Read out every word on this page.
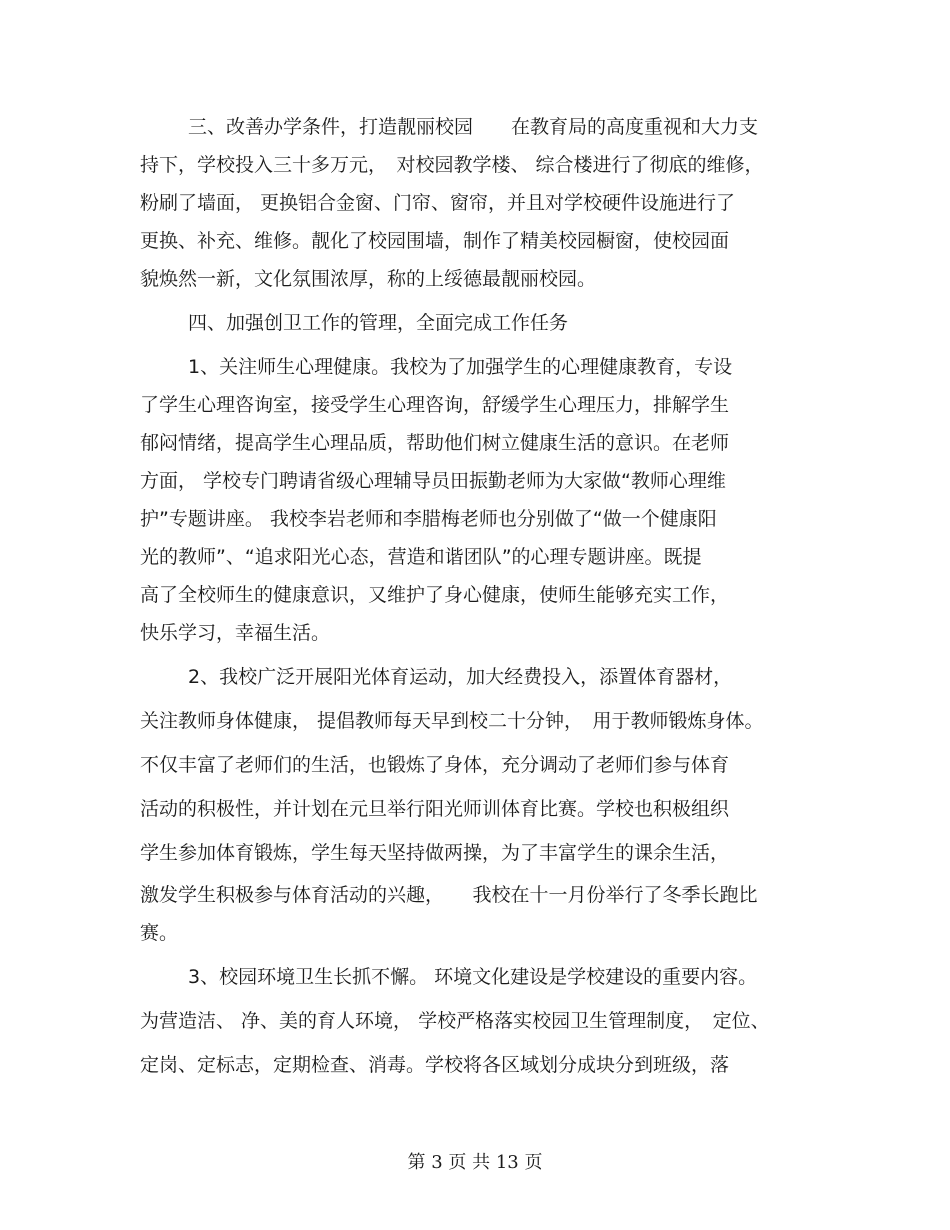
三、改善办学条件，打造靓丽校园　　在教育局的高度重视和大力支
持下，学校投入三十多万元，　对校园教学楼、 综合楼进行了彻底的维修，
粉刷了墙面， 更换铝合金窗、门帘、窗帘，并且对学校硬件设施进行了
更换、补充、维修。靓化了校园围墙，制作了精美校园橱窗，使校园面
貌焕然一新，文化氛围浓厚，称的上绥德最靓丽校园。
四、加强创卫工作的管理，全面完成工作任务
1、关注师生心理健康。我校为了加强学生的心理健康教育，专设
了学生心理咨询室，接受学生心理咨询，舒缓学生心理压力，排解学生
郁闷情绪，提高学生心理品质，帮助他们树立健康生活的意识。在老师
方面， 学校专门聘请省级心理辅导员田振勤老师为大家做“教师心理维
护”专题讲座。 我校李岩老师和李腊梅老师也分别做了“做一个健康阳
光的教师”、“追求阳光心态，营造和谐团队”的心理专题讲座。既提
高了全校师生的健康意识，又维护了身心健康，使师生能够充实工作，
快乐学习，幸福生活。
2、我校广泛开展阳光体育运动，加大经费投入，添置体育器材，
关注教师身体健康， 提倡教师每天早到校二十分钟，　用于教师锻炼身体。
不仅丰富了老师们的生活，也锻炼了身体，充分调动了老师们参与体育
活动的积极性，并计划在元旦举行阳光师训体育比赛。学校也积极组织
学生参加体育锻炼，学生每天坚持做两操，为了丰富学生的课余生活，
激发学生积极参与体育活动的兴趣，　　我校在十一月份举行了冬季长跑比
赛。
3、校园环境卫生长抓不懈。 环境文化建设是学校建设的重要内容。
为营造洁、 净、美的育人环境， 学校严格落实校园卫生管理制度，　定位、
定岗、定标志，定期检查、消毒。学校将各区域划分成块分到班级，落
第 3 页 共 13 页
